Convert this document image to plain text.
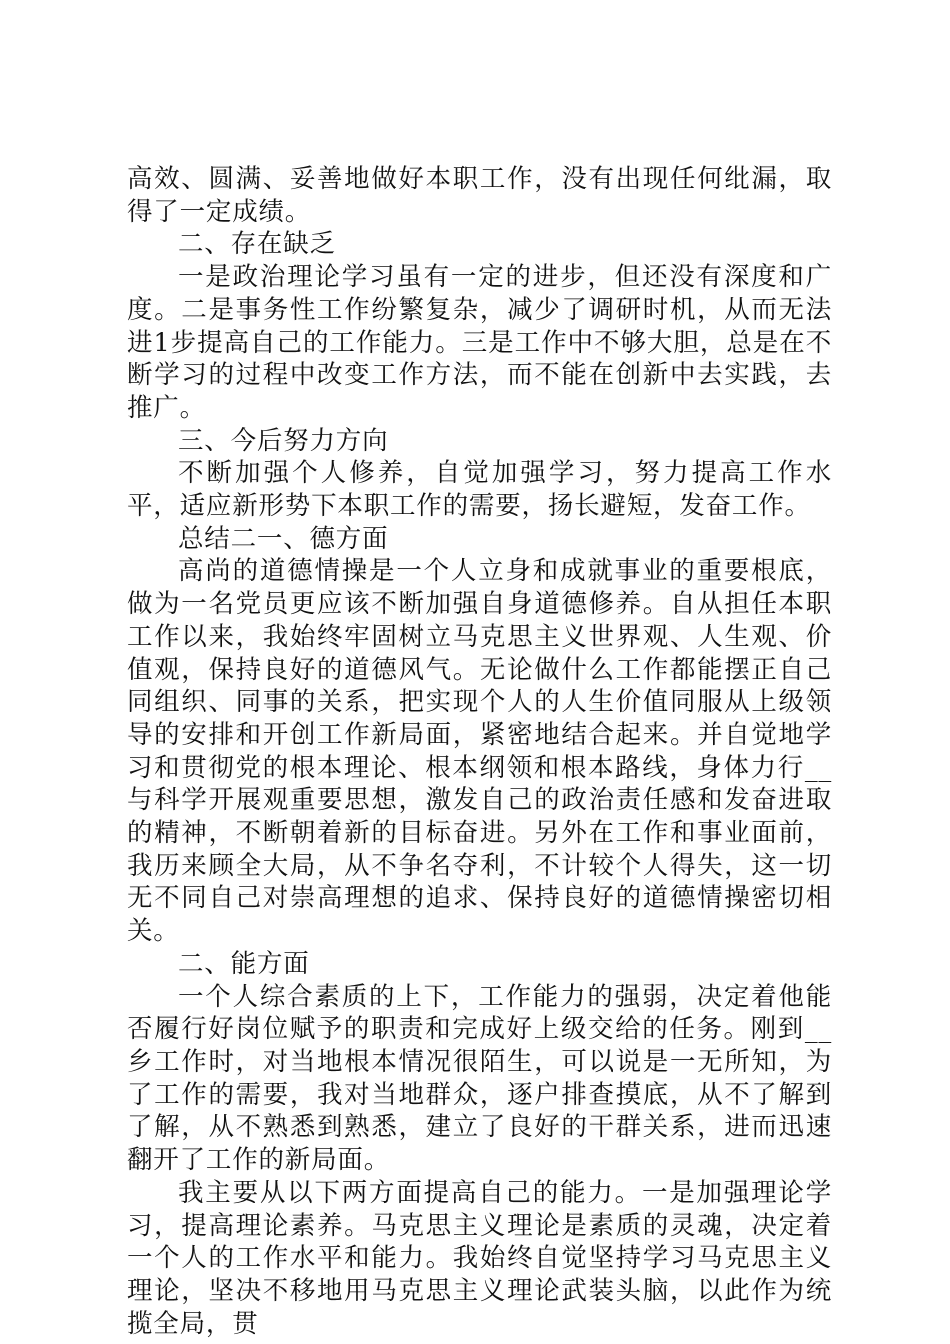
高效、圆满、妥善地做好本职工作，没有出现任何纰漏，取得了一定成绩。

二、存在缺乏

一是政治理论学习虽有一定的进步，但还没有深度和广度。二是事务性工作纷繁复杂，减少了调研时机，从而无法进1步提高自己的工作能力。三是工作中不够大胆，总是在不断学习的过程中改变工作方法，而不能在创新中去实践，去推广。

三、今后努力方向

不断加强个人修养，自觉加强学习，努力提高工作水平，适应新形势下本职工作的需要，扬长避短，发奋工作。

总结二一、德方面

高尚的道德情操是一个人立身和成就事业的重要根底，做为一名党员更应该不断加强自身道德修养。自从担任本职工作以来，我始终牢固树立马克思主义世界观、人生观、价值观，保持良好的道德风气。无论做什么工作都能摆正自己同组织、同事的关系，把实现个人的人生价值同服从上级领导的安排和开创工作新局面，紧密地结合起来。并自觉地学习和贯彻党的根本理论、根本纲领和根本路线，身体力行__与科学开展观重要思想，激发自己的政治责任感和发奋进取的精神，不断朝着新的目标奋进。另外在工作和事业面前，我历来顾全大局，从不争名夺利，不计较个人得失，这一切无不同自己对崇高理想的追求、保持良好的道德情操密切相关。

二、能方面

一个人综合素质的上下，工作能力的强弱，决定着他能否履行好岗位赋予的职责和完成好上级交给的任务。刚到__乡工作时，对当地根本情况很陌生，可以说是一无所知，为了工作的需要，我对当地群众，逐户排查摸底，从不了解到了解，从不熟悉到熟悉，建立了良好的干群关系，进而迅速翻开了工作的新局面。

我主要从以下两方面提高自己的能力。一是加强理论学习，提高理论素养。马克思主义理论是素质的灵魂，决定着一个人的工作水平和能力。我始终自觉坚持学习马克思主义理论，坚决不移地用马克思主义理论武装头脑，以此作为统揽全局，贯
